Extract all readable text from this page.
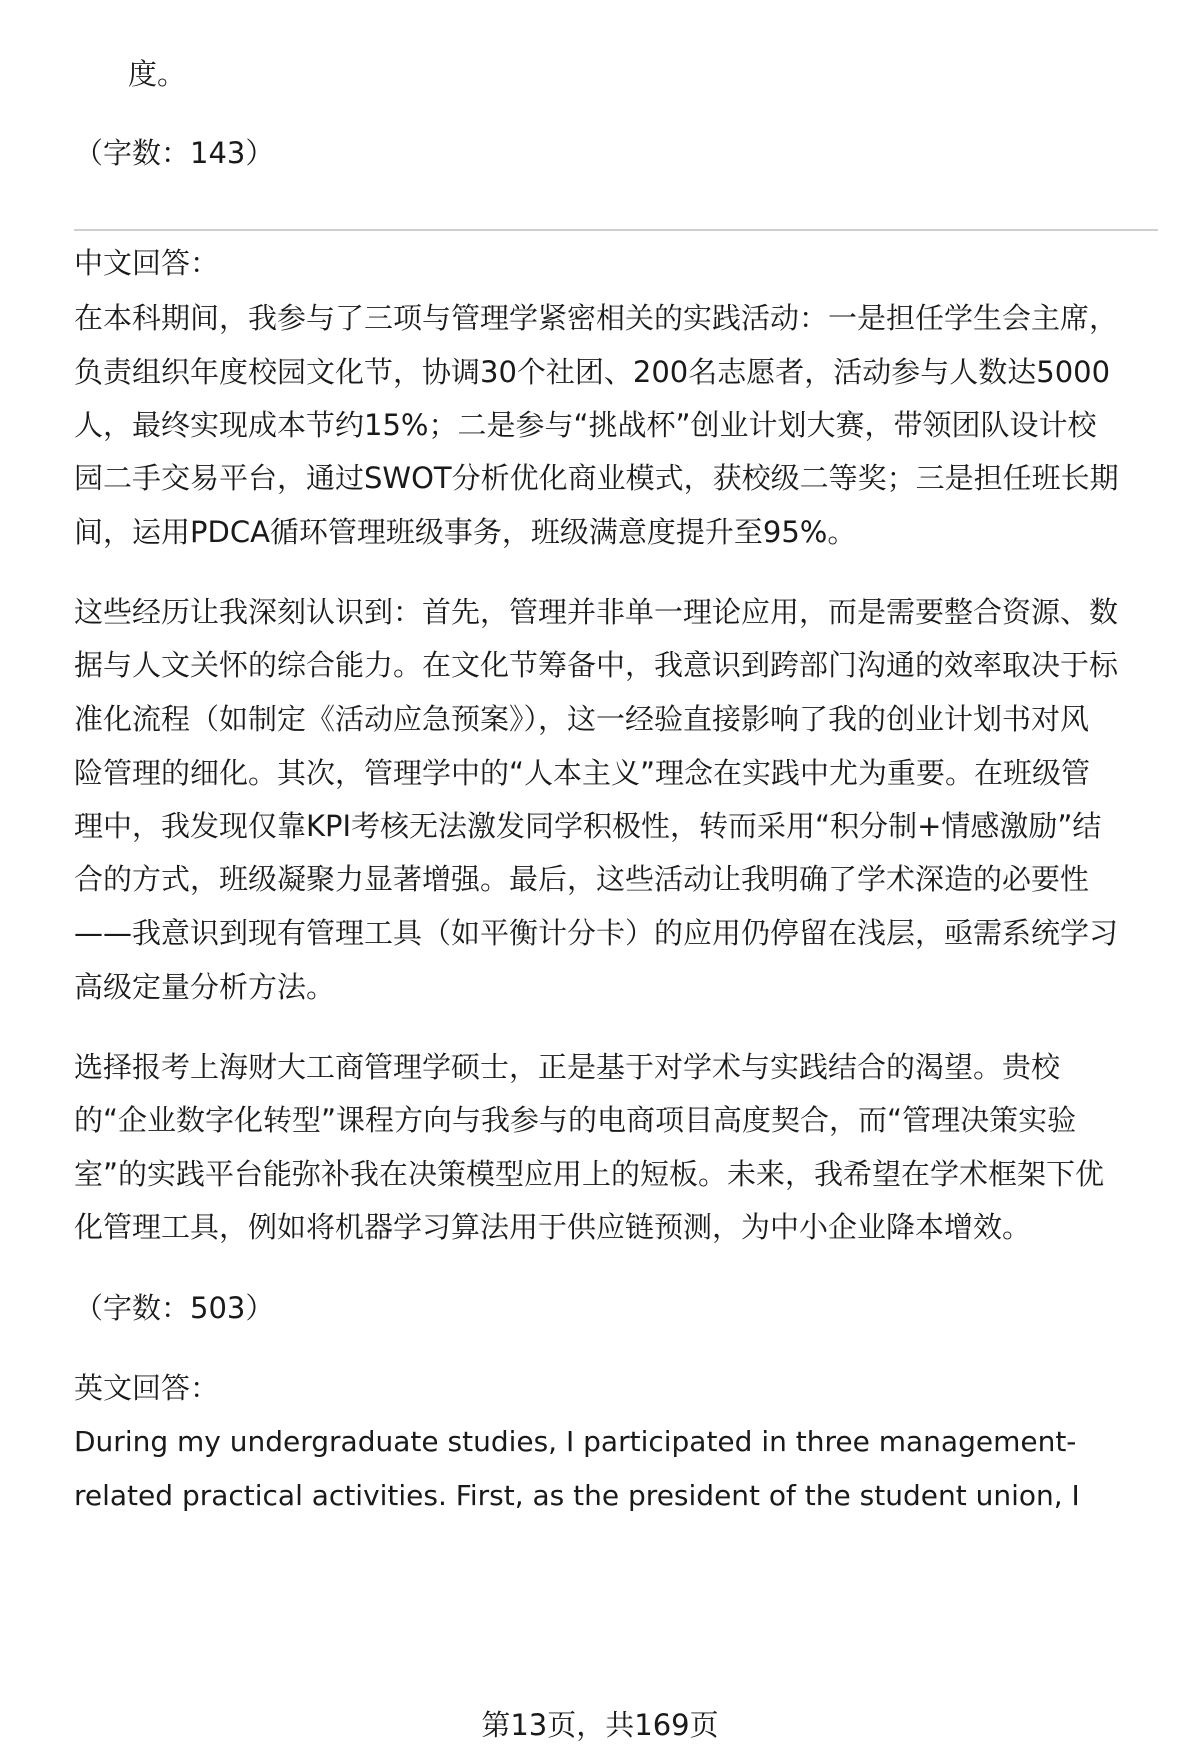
度。
（字数：143）
中文回答：
在本科期间，我参与了三项与管理学紧密相关的实践活动：一是担任学生会主席，
负责组织年度校园文化节，协调30个社团、200名志愿者，活动参与人数达5000
人，最终实现成本节约15%；二是参与“挑战杯”创业计划大赛，带领团队设计校
园二手交易平台，通过SWOT分析优化商业模式，获校级二等奖；三是担任班长期
间，运用PDCA循环管理班级事务，班级满意度提升至95%。
这些经历让我深刻认识到：首先，管理并非单一理论应用，而是需要整合资源、数
据与人文关怀的综合能力。在文化节筹备中，我意识到跨部门沟通的效率取决于标
准化流程（如制定《活动应急预案》），这一经验直接影响了我的创业计划书对风
险管理的细化。其次，管理学中的“人本主义”理念在实践中尤为重要。在班级管
理中，我发现仅靠KPI考核无法激发同学积极性，转而采用“积分制+情感激励”结
合的方式，班级凝聚力显著增强。最后，这些活动让我明确了学术深造的必要性
——我意识到现有管理工具（如平衡计分卡）的应用仍停留在浅层，亟需系统学习
高级定量分析方法。
选择报考上海财大工商管理学硕士，正是基于对学术与实践结合的渴望。贵校
的“企业数字化转型”课程方向与我参与的电商项目高度契合，而“管理决策实验
室”的实践平台能弥补我在决策模型应用上的短板。未来，我希望在学术框架下优
化管理工具，例如将机器学习算法用于供应链预测，为中小企业降本增效。
（字数：503）
英文回答：
During my undergraduate studies, I participated in three management-
related practical activities. First, as the president of the student union, I
第13页，共169页
